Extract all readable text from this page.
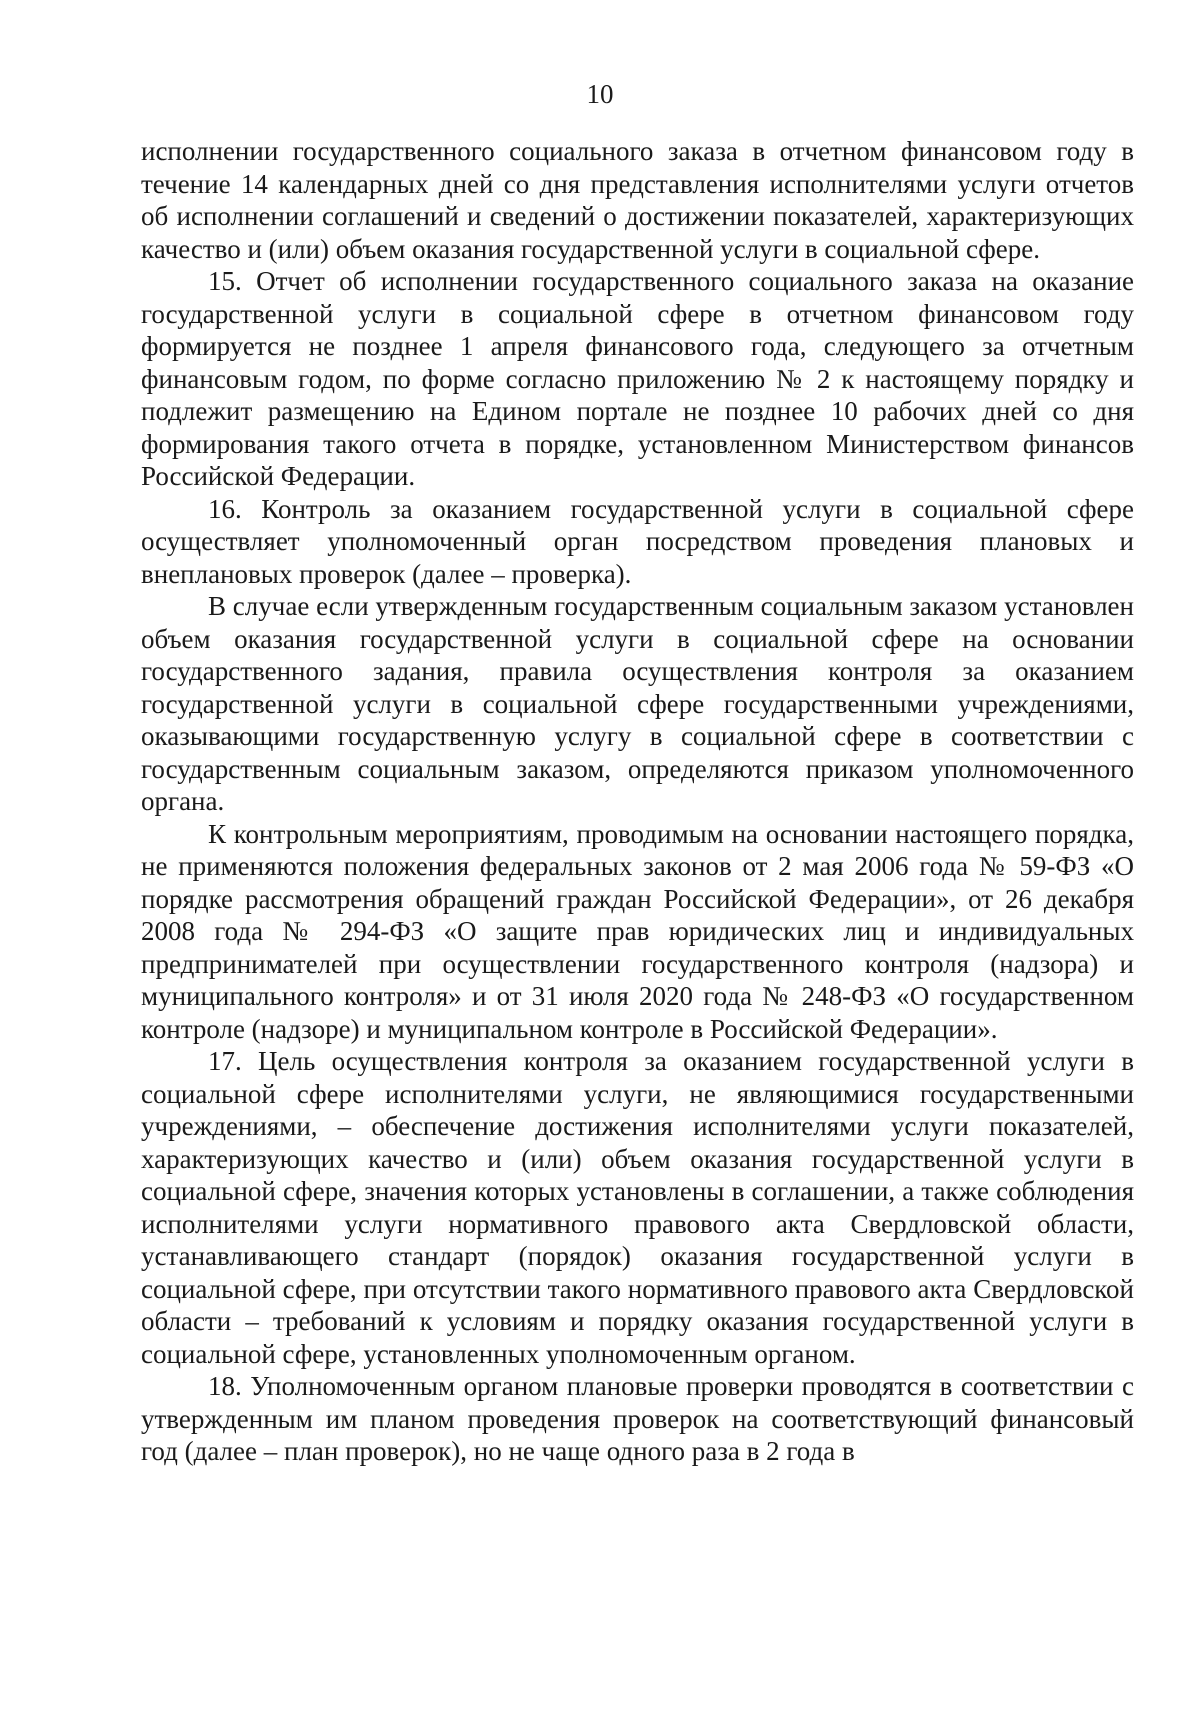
10

исполнении государственного социального заказа в отчетном финансовом году в течение 14 календарных дней со дня представления исполнителями услуги отчетов об исполнении соглашений и сведений о достижении показателей, характеризующих качество и (или) объем оказания государственной услуги в социальной сфере.

15. Отчет об исполнении государственного социального заказа на оказание государственной услуги в социальной сфере в отчетном финансовом году формируется не позднее 1 апреля финансового года, следующего за отчетным финансовым годом, по форме согласно приложению № 2 к настоящему порядку и подлежит размещению на Едином портале не позднее 10 рабочих дней со дня формирования такого отчета в порядке, установленном Министерством финансов Российской Федерации.

16. Контроль за оказанием государственной услуги в социальной сфере осуществляет уполномоченный орган посредством проведения плановых и внеплановых проверок (далее – проверка).

В случае если утвержденным государственным социальным заказом установлен объем оказания государственной услуги в социальной сфере на основании государственного задания, правила осуществления контроля за оказанием государственной услуги в социальной сфере государственными учреждениями, оказывающими государственную услугу в социальной сфере в соответствии с государственным социальным заказом, определяются приказом уполномоченного органа.

К контрольным мероприятиям, проводимым на основании настоящего порядка, не применяются положения федеральных законов от 2 мая 2006 года № 59-ФЗ «О порядке рассмотрения обращений граждан Российской Федерации», от 26 декабря 2008 года № 294-ФЗ «О защите прав юридических лиц и индивидуальных предпринимателей при осуществлении государственного контроля (надзора) и муниципального контроля» и от 31 июля 2020 года № 248-ФЗ «О государственном контроле (надзоре) и муниципальном контроле в Российской Федерации».

17. Цель осуществления контроля за оказанием государственной услуги в социальной сфере исполнителями услуги, не являющимися государственными учреждениями, – обеспечение достижения исполнителями услуги показателей, характеризующих качество и (или) объем оказания государственной услуги в социальной сфере, значения которых установлены в соглашении, а также соблюдения исполнителями услуги нормативного правового акта Свердловской области, устанавливающего стандарт (порядок) оказания государственной услуги в социальной сфере, при отсутствии такого нормативного правового акта Свердловской области – требований к условиям и порядку оказания государственной услуги в социальной сфере, установленных уполномоченным органом.

18. Уполномоченным органом плановые проверки проводятся в соответствии с утвержденным им планом проведения проверок на соответствующий финансовый год (далее – план проверок), но не чаще одного раза в 2 года в
